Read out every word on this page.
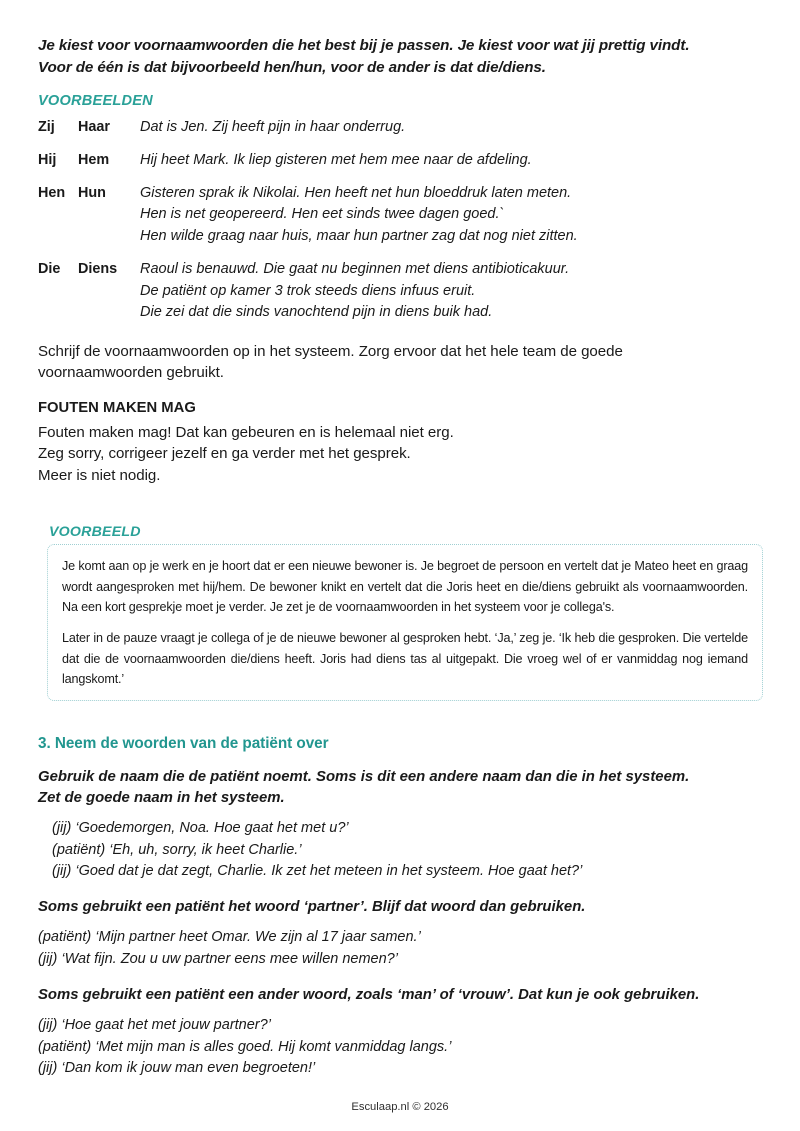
Je kiest voor voornaamwoorden die het best bij je passen. Je kiest voor wat jij prettig vindt.
Voor de één is dat bijvoorbeeld hen/hun, voor de ander is dat die/diens.
VOORBEELDEN
Zij	Haar	Dat is Jen. Zij heeft pijn in haar onderrug.

Hij	Hem	Hij heet Mark. Ik liep gisteren met hem mee naar de afdeling.

Hen	Hun	Gisteren sprak ik Nikolai. Hen heeft net hun bloeddruk laten meten.
Hen is net geopereerd. Hen eet sinds twee dagen goed.`
Hen wilde graag naar huis, maar hun partner zag dat nog niet zitten.

Die	Diens	Raoul is benauwd. Die gaat nu beginnen met diens antibioticakuur.
De patiënt op kamer 3 trok steeds diens infuus eruit.
Die zei dat die sinds vanochtend pijn in diens buik had.
Schrijf de voornaamwoorden op in het systeem. Zorg ervoor dat het hele team de goede
voornaamwoorden gebruikt.
FOUTEN MAKEN MAG
Fouten maken mag! Dat kan gebeuren en is helemaal niet erg.
Zeg sorry, corrigeer jezelf en ga verder met het gesprek.
Meer is niet nodig.
VOORBEELD

Je komt aan op je werk en je hoort dat er een nieuwe bewoner is. Je begroet de persoon en vertelt dat je Mateo heet en graag wordt aangesproken met hij/hem. De bewoner knikt en vertelt dat die Joris heet en die/diens gebruikt als voornaamwoorden. Na een kort gesprekje moet je verder. Je zet je de voornaamwoorden in het systeem voor je collega's.

Later in de pauze vraagt je collega of je de nieuwe bewoner al gesproken hebt. ‘Ja,’ zeg je. ‘Ik heb die gesproken. Die vertelde dat die de voornaamwoorden die/diens heeft. Joris had diens tas al uitgepakt. Die vroeg wel of er vanmiddag nog iemand langskomt.’

3. Neem de woorden van de patiënt over
Gebruik de naam die de patiënt noemt. Soms is dit een andere naam dan die in het systeem.
Zet de goede naam in het systeem.
(jij) ‘Goedemorgen, Noa. Hoe gaat het met u?’
(patiënt) ‘Eh, uh, sorry, ik heet Charlie.’
(jij) ‘Goed dat je dat zegt, Charlie. Ik zet het meteen in het systeem. Hoe gaat het?’
Soms gebruikt een patiënt het woord ‘partner’. Blijf dat woord dan gebruiken.
(patiënt) ‘Mijn partner heet Omar. We zijn al 17 jaar samen.’
(jij) ‘Wat fijn. Zou u uw partner eens mee willen nemen?’
Soms gebruikt een patiënt een ander woord, zoals ‘man’ of ‘vrouw’. Dat kun je ook gebruiken.
(jij) ‘Hoe gaat het met jouw partner?’
(patiënt) ‘Met mijn man is alles goed. Hij komt vanmiddag langs.’
(jij) ‘Dan kom ik jouw man even begroeten!’
Esculaap.nl © 2026
